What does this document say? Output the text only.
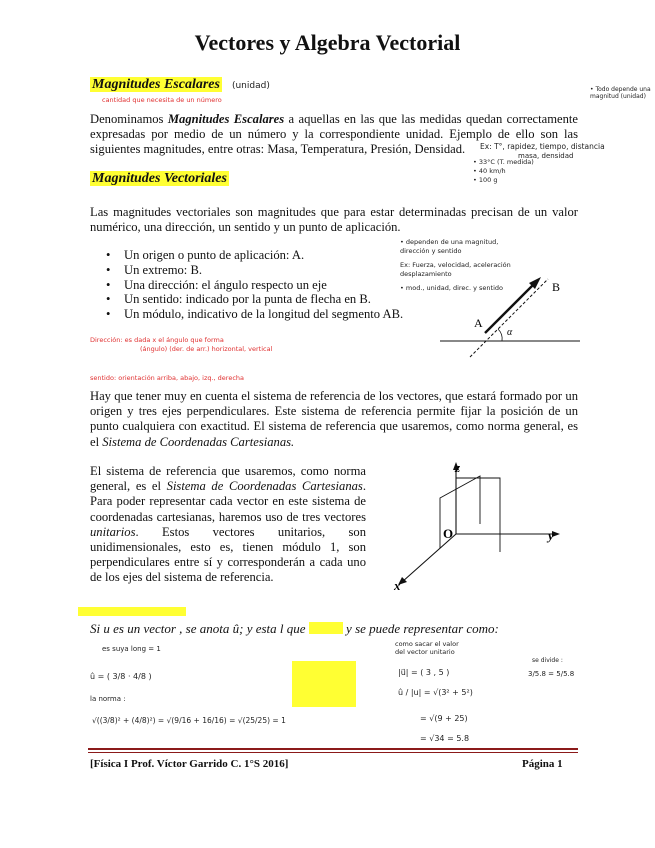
Vectores y Algebra Vectorial
Magnitudes Escalares (unidad)
cantidad que necesita de un número
• Todo depende una magnitud (unidad)
Denominamos Magnitudes Escalares a aquellas en las que las medidas quedan correctamente expresadas por medio de un número y la correspondiente unidad. Ejemplo de ello son las siguientes magnitudes, entre otras: Masa, Temperatura, Presión, Densidad.	Ex: T°, rapidez, tiempo, distancia
masa, densidad
• 33°C (T. medida)
• 40 km/h
• 100 g
Magnitudes Vectoriales
Las magnitudes vectoriales son magnitudes que para estar determinadas precisan de un valor numérico, una dirección, un sentido y un punto de aplicación.
• Un origen o punto de aplicación: A.
• Un extremo: B.
• Una dirección: el ángulo respecto un eje
• Un sentido: indicado por la punta de flecha en B.
• Un módulo, indicativo de la longitud del segmento AB.
• dependen de una magnitud,
dirección y sentido
Ex: Fuerza, velocidad, aceleración
desplazamiento
• mod., unidad, direc. y sentido
A
B
α
Dirección: es dada x el ángulo que forma
(ángulo) (der. de arr.) horizontal, vertical
sentido: orientación arriba, abajo, izq., derecha
Hay que tener muy en cuenta el sistema de referencia de los vectores, que estará formado por un origen y tres ejes perpendiculares. Este sistema de referencia permite fijar la posición de un punto cualquiera con exactitud. El sistema de referencia que usaremos, como norma general, es el Sistema de Coordenadas Cartesianas.
El sistema de referencia que usaremos, como norma general, es el Sistema de Coordenadas Cartesianas. Para poder representar cada vector en este sistema de coordenadas cartesianas, haremos uso de tres vectores unitarios. Estos vectores unitarios, son unidimensionales, esto es, tienen módulo 1, son perpendiculares entre sí y corresponderán a cada uno de los ejes del sistema de referencia.
z
y
x
O
Si u es un vector , se anota û; y esta l que	y se puede representar como:
es suya long = 1
û = ( 3/8 · 4/8 )
la norma :
√((3/8)² + (4/8)²) = √(9/16 + 16/16) = √(25/25) = 1
como sacar el valor
del vector unitario
|u⃗| = ( 3 , 5 )
û / |u| = √(3² + 5²)
= √(9 + 25)
= √34 = 5.8
se divide :
3/5.8 = 5/5.8
[Física I Prof. Víctor Garrido C. 1°S 2016]	Página 1
